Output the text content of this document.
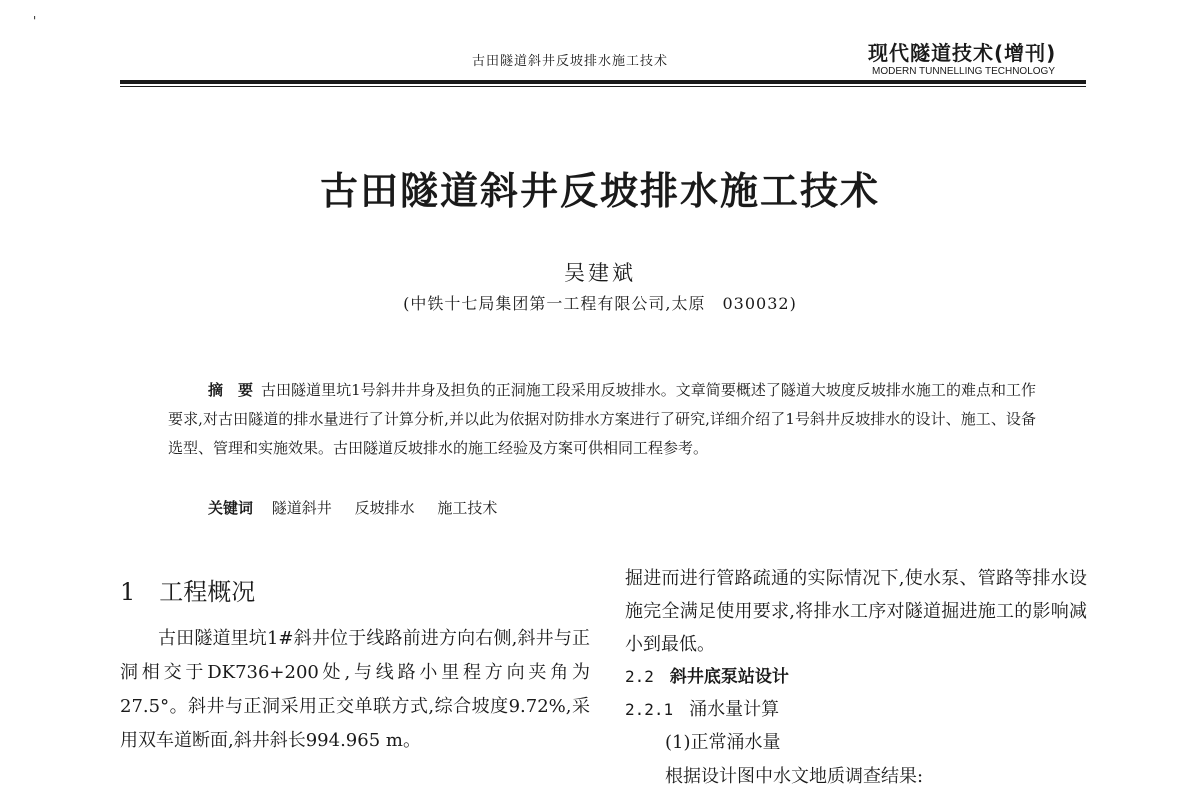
'
古田隧道斜井反坡排水施工技术	现代隧道技术(增刊)
MODERN TUNNELLING TECHNOLOGY
古田隧道斜井反坡排水施工技术
吴建斌
(中铁十七局集团第一工程有限公司,太原　030032)
摘　要 古田隧道里坑1号斜井井身及担负的正洞施工段采用反坡排水。文章简要概述了隧道大坡度反坡排水施工的难点和工作要求,对古田隧道的排水量进行了计算分析,并以此为依据对防排水方案进行了研究,详细介绍了1号斜井反坡排水的设计、施工、设备选型、管理和实施效果。古田隧道反坡排水的施工经验及方案可供相同工程参考。
关键词 隧道斜井 反坡排水 施工技术
1 工程概况

古田隧道里坑1#斜井位于线路前进方向右侧,斜井与正洞相交于DK736+200处,与线路小里程方向夹角为27.5°。斜井与正洞采用正交单联方式,综合坡度9.72%,采用双车道断面,斜井斜长994.965 m。

掘进而进行管路疏通的实际情况下,使水泵、管路等排水设施完全满足使用要求,将排水工序对隧道掘进施工的影响减小到最低。

2.2 斜井底泵站设计
2.2.1 涌水量计算
(1)正常涌水量
根据设计图中水文地质调查结果:
